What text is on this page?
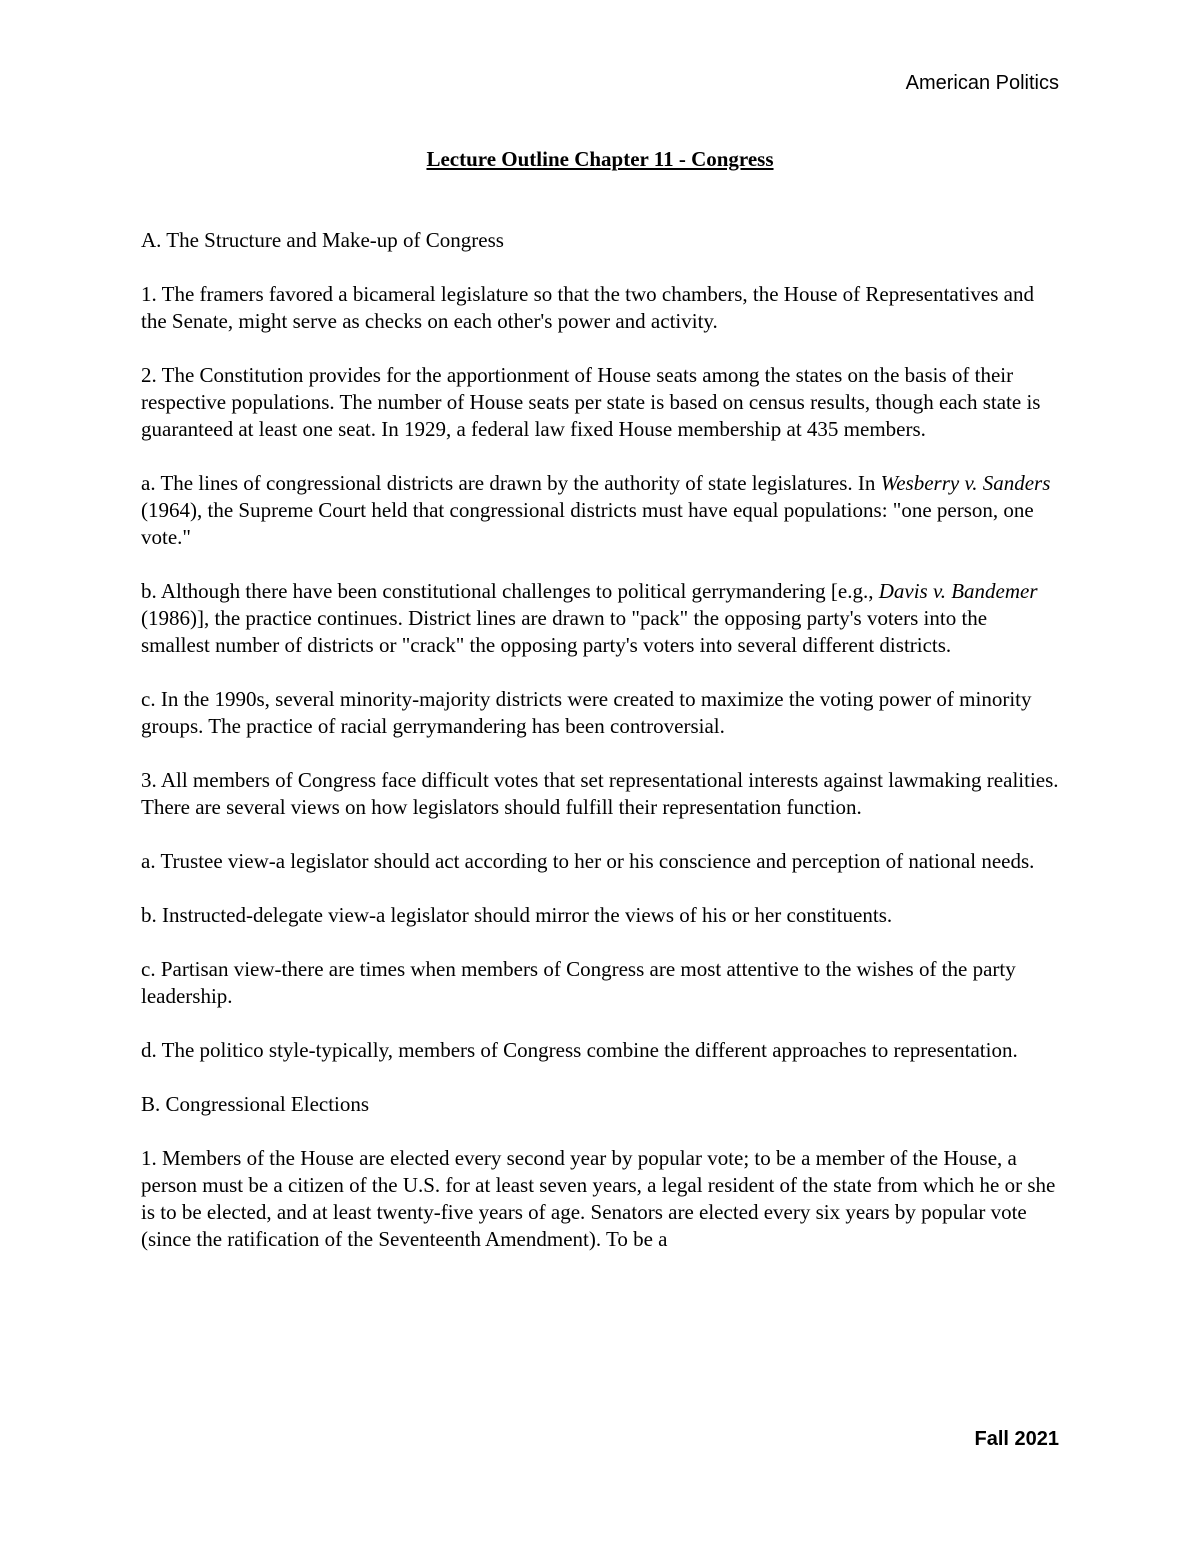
American Politics
Lecture Outline Chapter 11 - Congress

A. The Structure and Make-up of Congress

1. The framers favored a bicameral legislature so that the two chambers, the House of Representatives and the Senate, might serve as checks on each other's power and activity.

2. The Constitution provides for the apportionment of House seats among the states on the basis of their respective populations. The number of House seats per state is based on census results, though each state is guaranteed at least one seat. In 1929, a federal law fixed House membership at 435 members.

a. The lines of congressional districts are drawn by the authority of state legislatures. In Wesberry v. Sanders (1964), the Supreme Court held that congressional districts must have equal populations: "one person, one vote."

b. Although there have been constitutional challenges to political gerrymandering [e.g., Davis v. Bandemer (1986)], the practice continues. District lines are drawn to "pack" the opposing party's voters into the smallest number of districts or "crack" the opposing party's voters into several different districts.

c. In the 1990s, several minority-majority districts were created to maximize the voting power of minority groups. The practice of racial gerrymandering has been controversial.

3. All members of Congress face difficult votes that set representational interests against lawmaking realities. There are several views on how legislators should fulfill their representation function.

a. Trustee view-a legislator should act according to her or his conscience and perception of national needs.

b. Instructed-delegate view-a legislator should mirror the views of his or her constituents.

c. Partisan view-there are times when members of Congress are most attentive to the wishes of the party leadership.

d. The politico style-typically, members of Congress combine the different approaches to representation.

B. Congressional Elections

1. Members of the House are elected every second year by popular vote; to be a member of the House, a person must be a citizen of the U.S. for at least seven years, a legal resident of the state from which he or she is to be elected, and at least twenty-five years of age. Senators are elected every six years by popular vote (since the ratification of the Seventeenth Amendment). To be a

Fall 2021
